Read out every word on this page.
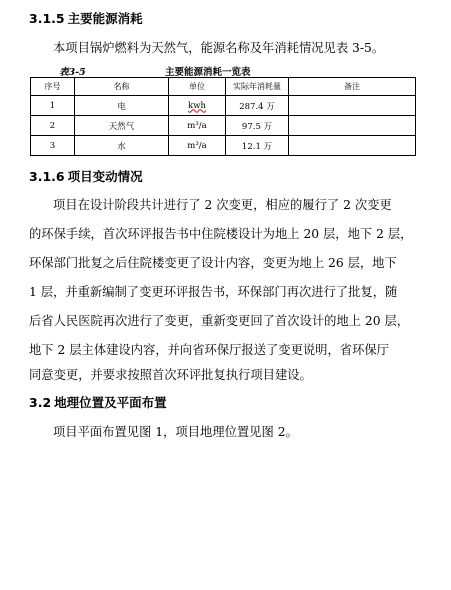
3.1.5 主要能源消耗
本项目锅炉燃料为天然气，能源名称及年消耗情况见表 3-5。
表3-5	主要能源消耗一览表
序号	名称	单位	实际年消耗量	备注
1	电	kwh	287.4 万	
2	天然气	m³/a	97.5 万	
3	水	m³/a	12.1 万	
3.1.6 项目变动情况
项目在设计阶段共计进行了 2 次变更，相应的履行了 2 次变更
的环保手续，首次环评报告书中住院楼设计为地上 20 层，地下 2 层，
环保部门批复之后住院楼变更了设计内容，变更为地上 26 层，地下
1 层，并重新编制了变更环评报告书，环保部门再次进行了批复，随
后省人民医院再次进行了变更，重新变更回了首次设计的地上 20 层，
地下 2 层主体建设内容，并向省环保厅报送了变更说明，省环保厅
同意变更，并要求按照首次环评批复执行项目建设。
3.2 地理位置及平面布置
项目平面布置见图 1，项目地理位置见图 2。
